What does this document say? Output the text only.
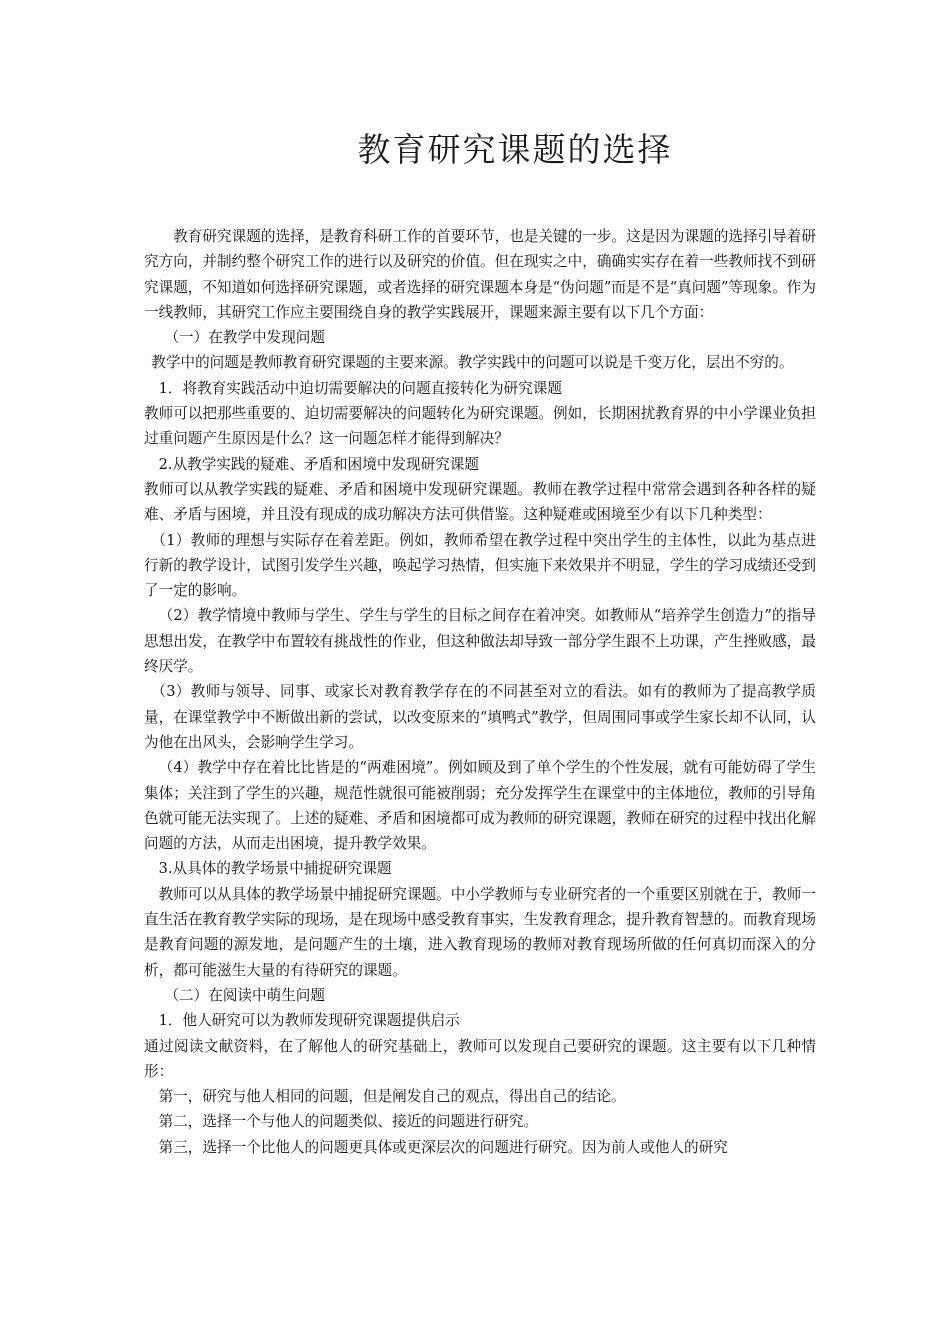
教育研究课题的选择

教育研究课题的选择，是教育科研工作的首要环节，也是关键的一步。这是因为课题的选择引导着研究方向，并制约整个研究工作的进行以及研究的价值。但在现实之中，确确实实存在着一些教师找不到研究课题，不知道如何选择研究课题，或者选择的研究课题本身是“伪问题”而是不是“真问题”等现象。作为一线教师，其研究工作应主要围绕自身的教学实践展开，课题来源主要有以下几个方面：

（一）在教学中发现问题

教学中的问题是教师教育研究课题的主要来源。教学实践中的问题可以说是千变万化，层出不穷的。

1．将教育实践活动中迫切需要解决的问题直接转化为研究课题

教师可以把那些重要的、迫切需要解决的问题转化为研究课题。例如，长期困扰教育界的中小学课业负担过重问题产生原因是什么？这一问题怎样才能得到解决？

2.从教学实践的疑难、矛盾和困境中发现研究课题

教师可以从教学实践的疑难、矛盾和困境中发现研究课题。教师在教学过程中常常会遇到各种各样的疑难、矛盾与困境，并且没有现成的成功解决方法可供借鉴。这种疑难或困境至少有以下几种类型：

（1）教师的理想与实际存在着差距。例如，教师希望在教学过程中突出学生的主体性，以此为基点进行新的教学设计，试图引发学生兴趣，唤起学习热情，但实施下来效果并不明显，学生的学习成绩还受到了一定的影响。

（2）教学情境中教师与学生、学生与学生的目标之间存在着冲突。如教师从“培养学生创造力”的指导思想出发，在教学中布置较有挑战性的作业，但这种做法却导致一部分学生跟不上功课，产生挫败感，最终厌学。

（3）教师与领导、同事、或家长对教育教学存在的不同甚至对立的看法。如有的教师为了提高教学质量，在课堂教学中不断做出新的尝试，以改变原来的“填鸭式”教学，但周围同事或学生家长却不认同，认为他在出风头，会影响学生学习。

（4）教学中存在着比比皆是的“两难困境”。例如顾及到了单个学生的个性发展，就有可能妨碍了学生集体；关注到了学生的兴趣，规范性就很可能被削弱；充分发挥学生在课堂中的主体地位，教师的引导角色就可能无法实现了。上述的疑难、矛盾和困境都可成为教师的研究课题，教师在研究的过程中找出化解问题的方法，从而走出困境，提升教学效果。

3.从具体的教学场景中捕捉研究课题

教师可以从具体的教学场景中捕捉研究课题。中小学教师与专业研究者的一个重要区别就在于，教师一直生活在教育教学实际的现场，是在现场中感受教育事实，生发教育理念，提升教育智慧的。而教育现场是教育问题的源发地，是问题产生的土壤，进入教育现场的教师对教育现场所做的任何真切而深入的分析，都可能滋生大量的有待研究的课题。

（二）在阅读中萌生问题

1．他人研究可以为教师发现研究课题提供启示

通过阅读文献资料，在了解他人的研究基础上，教师可以发现自己要研究的课题。这主要有以下几种情形：

第一，研究与他人相同的问题，但是阐发自己的观点，得出自己的结论。

第二，选择一个与他人的问题类似、接近的问题进行研究。

第三，选择一个比他人的问题更具体或更深层次的问题进行研究。因为前人或他人的研究
